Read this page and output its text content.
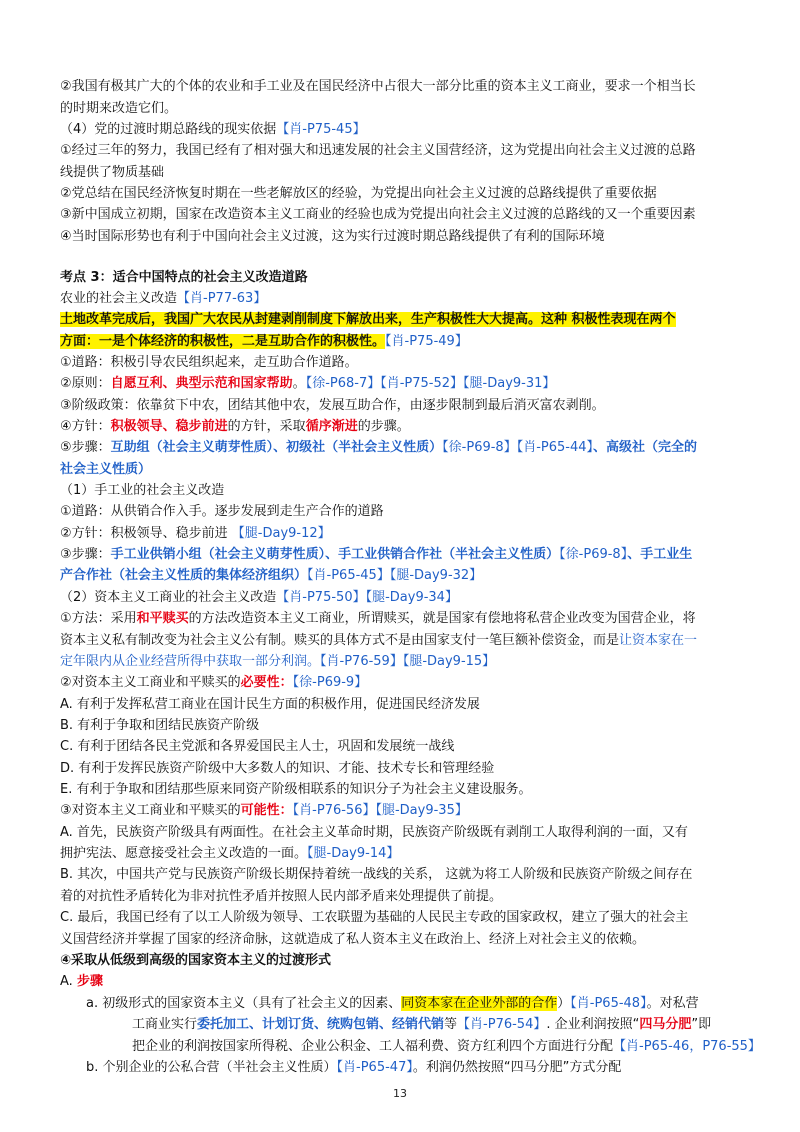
②我国有极其广大的个体的农业和手工业及在国民经济中占很大一部分比重的资本主义工商业，要求一个相当长
的时期来改造它们。
（4）党的过渡时期总路线的现实依据【肖-P75-45】
①经过三年的努力，我国已经有了相对强大和迅速发展的社会主义国营经济，这为党提出向社会主义过渡的总路
线提供了物质基础
②党总结在国民经济恢复时期在一些老解放区的经验，为党提出向社会主义过渡的总路线提供了重要依据
③新中国成立初期，国家在改造资本主义工商业的经验也成为党提出向社会主义过渡的总路线的又一个重要因素
④当时国际形势也有利于中国向社会主义过渡，这为实行过渡时期总路线提供了有利的国际环境
考点 3：适合中国特点的社会主义改造道路
农业的社会主义改造【肖-P77-63】
土地改革完成后，我国广大农民从封建剥削制度下解放出来，生产积极性大大提高。这种 积极性表现在两个
方面：一是个体经济的积极性，二是互助合作的积极性。【肖-P75-49】
①道路：积极引导农民组织起来，走互助合作道路。
②原则：自愿互利、典型示范和国家帮助。【徐-P68-7】【肖-P75-52】【腿-Day9-31】
③阶级政策：依靠贫下中农，团结其他中农，发展互助合作，由逐步限制到最后消灭富农剥削。
④方针：积极领导、稳步前进的方针，采取循序渐进的步骤。
⑤步骤：互助组（社会主义萌芽性质）、初级社（半社会主义性质）【徐-P69-8】【肖-P65-44】、高级社（完全的
社会主义性质）
（1）手工业的社会主义改造
①道路：从供销合作入手。逐步发展到走生产合作的道路
②方针：积极领导、稳步前进 【腿-Day9-12】
③步骤：手工业供销小组（社会主义萌芽性质）、手工业供销合作社（半社会主义性质）【徐-P69-8】、手工业生
产合作社（社会主义性质的集体经济组织）【肖-P65-45】【腿-Day9-32】
（2）资本主义工商业的社会主义改造【肖-P75-50】【腿-Day9-34】
①方法：采用和平赎买的方法改造资本主义工商业，所谓赎买，就是国家有偿地将私营企业改变为国营企业，将
资本主义私有制改变为社会主义公有制。赎买的具体方式不是由国家支付一笔巨额补偿资金，而是让资本家在一
定年限内从企业经营所得中获取一部分利润。【肖-P76-59】【腿-Day9-15】
②对资本主义工商业和平赎买的必要性：【徐-P69-9】
A. 有利于发挥私营工商业在国计民生方面的积极作用，促进国民经济发展
B. 有利于争取和团结民族资产阶级
C. 有利于团结各民主党派和各界爱国民主人士，巩固和发展统一战线
D. 有利于发挥民族资产阶级中大多数人的知识、才能、技术专长和管理经验
E. 有利于争取和团结那些原来同资产阶级相联系的知识分子为社会主义建设服务。
③对资本主义工商业和平赎买的可能性：【肖-P76-56】【腿-Day9-35】
A. 首先，民族资产阶级具有两面性。在社会主义革命时期，民族资产阶级既有剥削工人取得利润的一面，又有
拥护宪法、愿意接受社会主义改造的一面。【腿-Day9-14】
B. 其次，中国共产党与民族资产阶级长期保持着统一战线的关系， 这就为将工人阶级和民族资产阶级之间存在
着的对抗性矛盾转化为非对抗性矛盾并按照人民内部矛盾来处理提供了前提。
C. 最后，我国已经有了以工人阶级为领导、工农联盟为基础的人民民主专政的国家政权，建立了强大的社会主
义国营经济并掌握了国家的经济命脉，这就造成了私人资本主义在政治上、经济上对社会主义的依赖。
④采取从低级到高级的国家资本主义的过渡形式
A. 步骤
a. 初级形式的国家资本主义（具有了社会主义的因素、同资本家在企业外部的合作）【肖-P65-48】。对私营
工商业实行委托加工、计划订货、统购包销、经销代销等【肖-P76-54】. 企业利润按照“四马分肥”即
把企业的利润按国家所得税、企业公积金、工人福利费、资方红利四个方面进行分配【肖-P65-46，P76-55】
b. 个别企业的公私合营（半社会主义性质）【肖-P65-47】。利润仍然按照“四马分肥”方式分配
13
